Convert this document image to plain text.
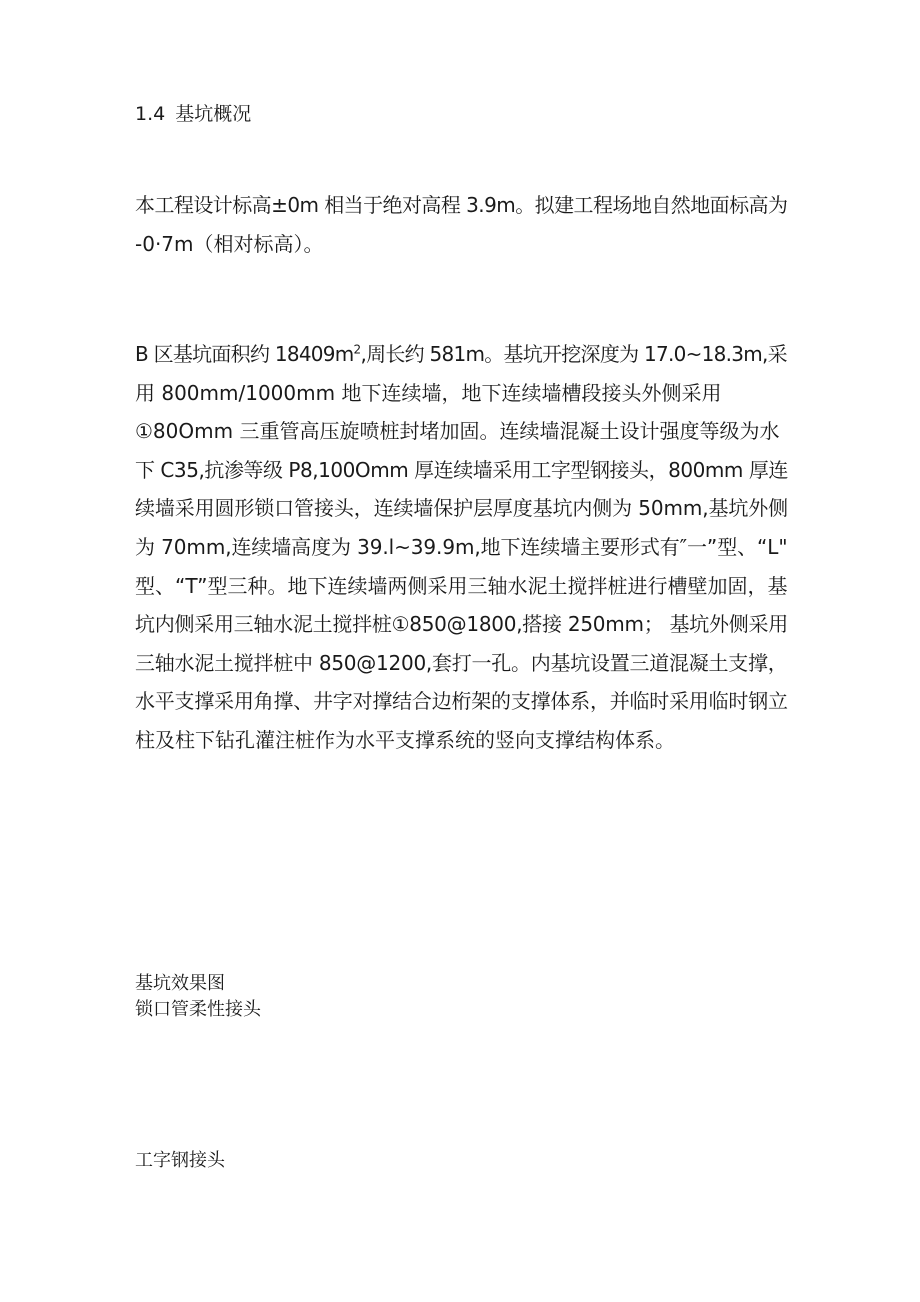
1.4 基坑概况
本工程设计标高±0m 相当于绝对高程 3.9m。拟建工程场地自然地面标高为
-0·7m（相对标高）。
B 区基坑面积约 $18409m^2$,周长约 581m。基坑开挖深度为 17.0~18.3m,采
用 800mm/1000mm 地下连续墙，地下连续墙槽段接头外侧采用
①80Omm 三重管高压旋喷桩封堵加固。连续墙混凝土设计强度等级为水
下 C35,抗渗等级 P8,100Omm 厚连续墙采用工字型钢接头，800mm 厚连
续墙采用圆形锁口管接头，连续墙保护层厚度基坑内侧为 50mm,基坑外侧
为 70mm,连续墙高度为 39.l~39.9m,地下连续墙主要形式有″一”型、“L"
型、“T”型三种。地下连续墙两侧采用三轴水泥土搅拌桩进行槽壁加固，基
坑内侧采用三轴水泥土搅拌桩①850@1800,搭接 250mm； 基坑外侧采用
三轴水泥土搅拌桩中 850@1200,套打一孔。内基坑设置三道混凝土支撑，
水平支撑采用角撑、井字对撑结合边桁架的支撑体系，并临时采用临时钢立
柱及柱下钻孔灌注桩作为水平支撑系统的竖向支撑结构体系。
基坑效果图
锁口管柔性接头
工字钢接头
